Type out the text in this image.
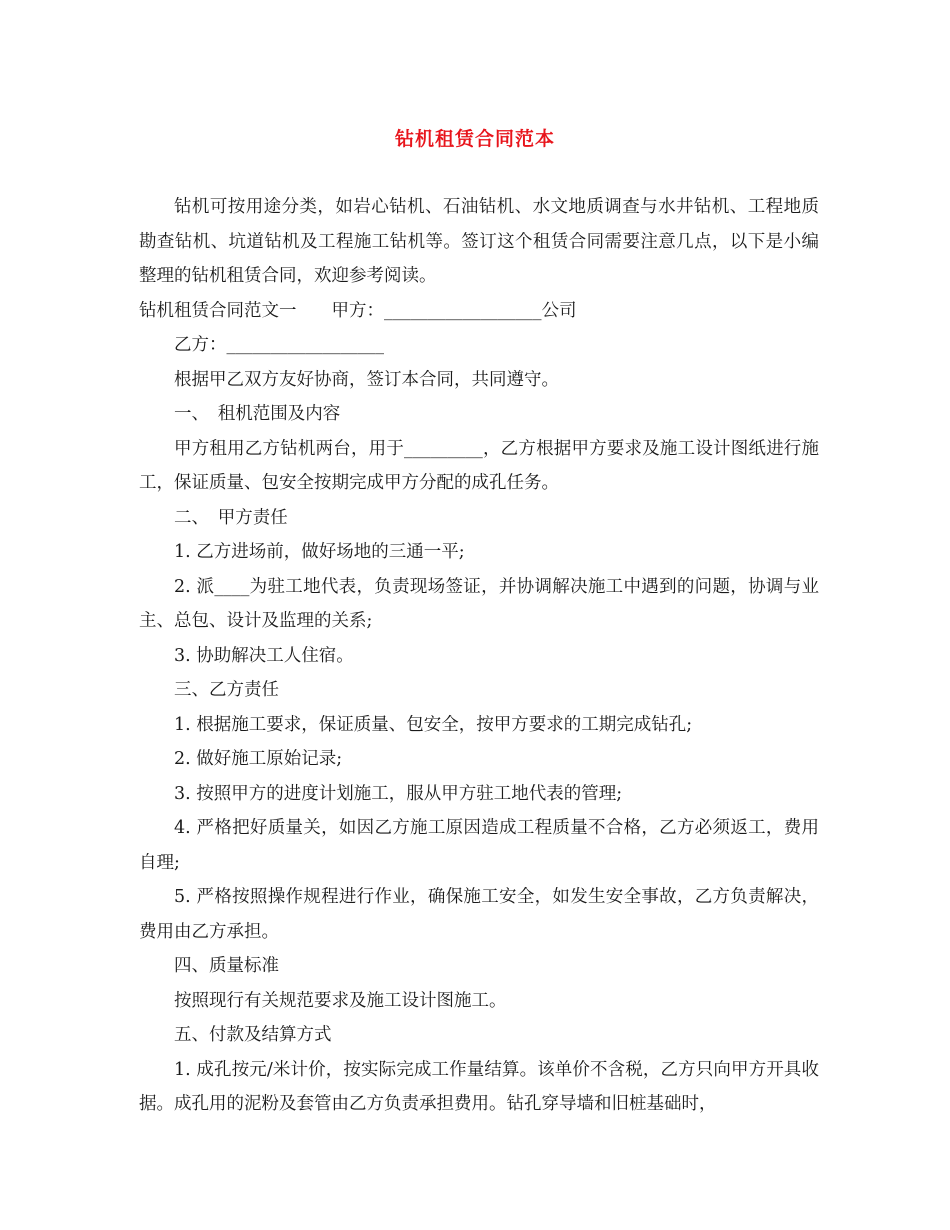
钻机租赁合同范本

钻机可按用途分类，如岩心钻机、石油钻机、水文地质调查与水井钻机、工程地质勘查钻机、坑道钻机及工程施工钻机等。签订这个租赁合同需要注意几点，以下是小编整理的钻机租赁合同，欢迎参考阅读。

钻机租赁合同范文一 甲方：__________________公司

乙方：__________________

根据甲乙双方友好协商，签订本合同，共同遵守。

一、　租机范围及内容

甲方租用乙方钻机两台，用于_________，乙方根据甲方要求及施工设计图纸进行施工，保证质量、包安全按期完成甲方分配的成孔任务。

二、　甲方责任

1. 乙方进场前，做好场地的三通一平;

2. 派____为驻工地代表，负责现场签证，并协调解决施工中遇到的问题，协调与业主、总包、设计及监理的关系;

3. 协助解决工人住宿。

三、乙方责任

1. 根据施工要求，保证质量、包安全，按甲方要求的工期完成钻孔;

2. 做好施工原始记录;

3. 按照甲方的进度计划施工，服从甲方驻工地代表的管理;

4. 严格把好质量关，如因乙方施工原因造成工程质量不合格，乙方必须返工，费用自理;

5. 严格按照操作规程进行作业，确保施工安全，如发生安全事故，乙方负责解决，费用由乙方承担。

四、质量标准

按照现行有关规范要求及施工设计图施工。

五、付款及结算方式

1. 成孔按元/米计价，按实际完成工作量结算。该单价不含税，乙方只向甲方开具收据。成孔用的泥粉及套管由乙方负责承担费用。钻孔穿导墙和旧桩基础时，
